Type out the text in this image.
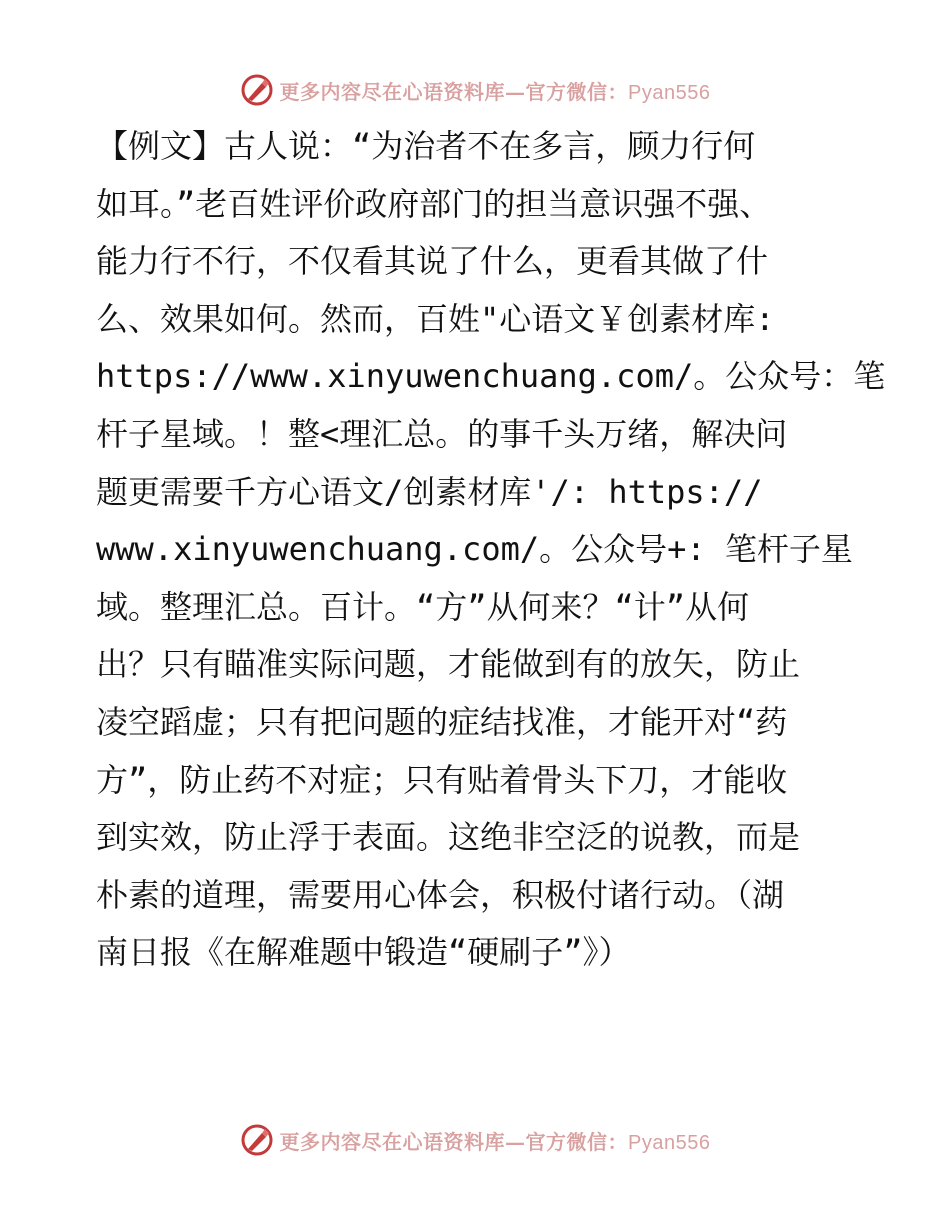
更多内容尽在心语资料库—官方微信：Pyan556
【例文】古人说：“为治者不在多言，顾力行何
如耳。”老百姓评价政府部门的担当意识强不强、
能力行不行，不仅看其说了什么，更看其做了什
么、效果如何。然而，百姓"心语文￥创素材库:
https://www.xinyuwenchuang.com/。公众号：笔
杆子星域。！整<理汇总。的事千头万绪，解决问
题更需要千方心语文/创素材库'/: https://
www.xinyuwenchuang.com/。公众号+: 笔杆子星
域。整理汇总。百计。“方”从何来？“计”从何
出？只有瞄准实际问题，才能做到有的放矢，防止
凌空蹈虚；只有把问题的症结找准，才能开对“药
方”，防止药不对症；只有贴着骨头下刀，才能收
到实效，防止浮于表面。这绝非空泛的说教，而是
朴素的道理，需要用心体会，积极付诸行动。（湖
南日报《在解难题中锻造“硬刷子”》）
更多内容尽在心语资料库—官方微信：Pyan556
